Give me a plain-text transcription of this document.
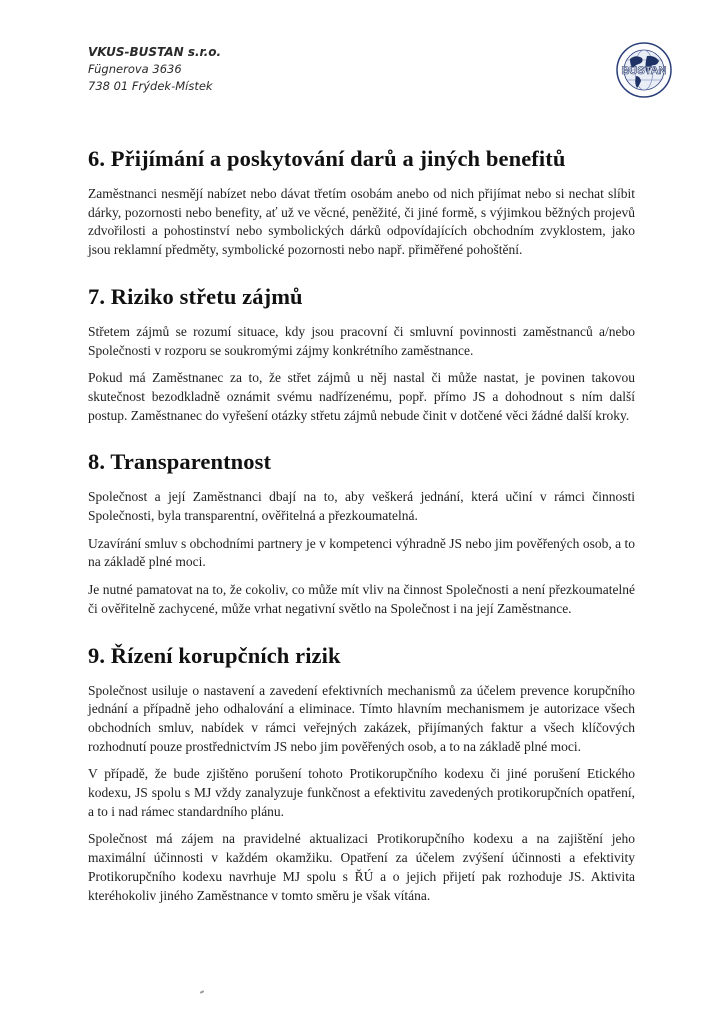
VKUS-BUSTAN s.r.o.
Fügnerova 3636
738 01 Frýdek-Místek
BUSTAN
6. Přijímání a poskytování darů a jiných benefitů

Zaměstnanci nesmějí nabízet nebo dávat třetím osobám anebo od nich přijímat nebo si nechat slíbit dárky, pozornosti nebo benefity, ať už ve věcné, peněžité, či jiné formě, s výjimkou běžných projevů zdvořilosti a pohostinství nebo symbolických dárků odpovídajících obchodním zvyklostem, jako jsou reklamní předměty, symbolické pozornosti nebo např. přiměřené pohoštění.

7. Riziko střetu zájmů

Střetem zájmů se rozumí situace, kdy jsou pracovní či smluvní povinnosti zaměstnanců a/nebo Společnosti v rozporu se soukromými zájmy konkrétního zaměstnance.

Pokud má Zaměstnanec za to, že střet zájmů u něj nastal či může nastat, je povinen takovou skutečnost bezodkladně oznámit svému nadřízenému, popř. přímo JS a dohodnout s ním další postup. Zaměstnanec do vyřešení otázky střetu zájmů nebude činit v dotčené věci žádné další kroky.

8. Transparentnost

Společnost a její Zaměstnanci dbají na to, aby veškerá jednání, která učiní v rámci činnosti Společnosti, byla transparentní, ověřitelná a přezkoumatelná.

Uzavírání smluv s obchodními partnery je v kompetenci výhradně JS nebo jim pověřených osob, a to na základě plné moci.

Je nutné pamatovat na to, že cokoliv, co může mít vliv na činnost Společnosti a není přezkoumatelné či ověřitelně zachycené, může vrhat negativní světlo na Společnost i na její Zaměstnance.

9. Řízení korupčních rizik

Společnost usiluje o nastavení a zavedení efektivních mechanismů za účelem prevence korupčního jednání a případně jeho odhalování a eliminace. Tímto hlavním mechanismem je autorizace všech obchodních smluv, nabídek v rámci veřejných zakázek, přijímaných faktur a všech klíčových rozhodnutí pouze prostřednictvím JS nebo jim pověřených osob, a to na základě plné moci.

V případě, že bude zjištěno porušení tohoto Protikorupčního kodexu či jiné porušení Etického kodexu, JS spolu s MJ vždy zanalyzuje funkčnost a efektivitu zavedených protikorupčních opatření, a to i nad rámec standardního plánu.

Společnost má zájem na pravidelné aktualizaci Protikorupčního kodexu a na zajištění jeho maximální účinnosti v každém okamžiku. Opatření za účelem zvýšení účinnosti a efektivity Protikorupčního kodexu navrhuje MJ spolu s ŘÚ a o jejich přijetí pak rozhoduje JS. Aktivita kteréhokoliv jiného Zaměstnance v tomto směru je však vítána.
